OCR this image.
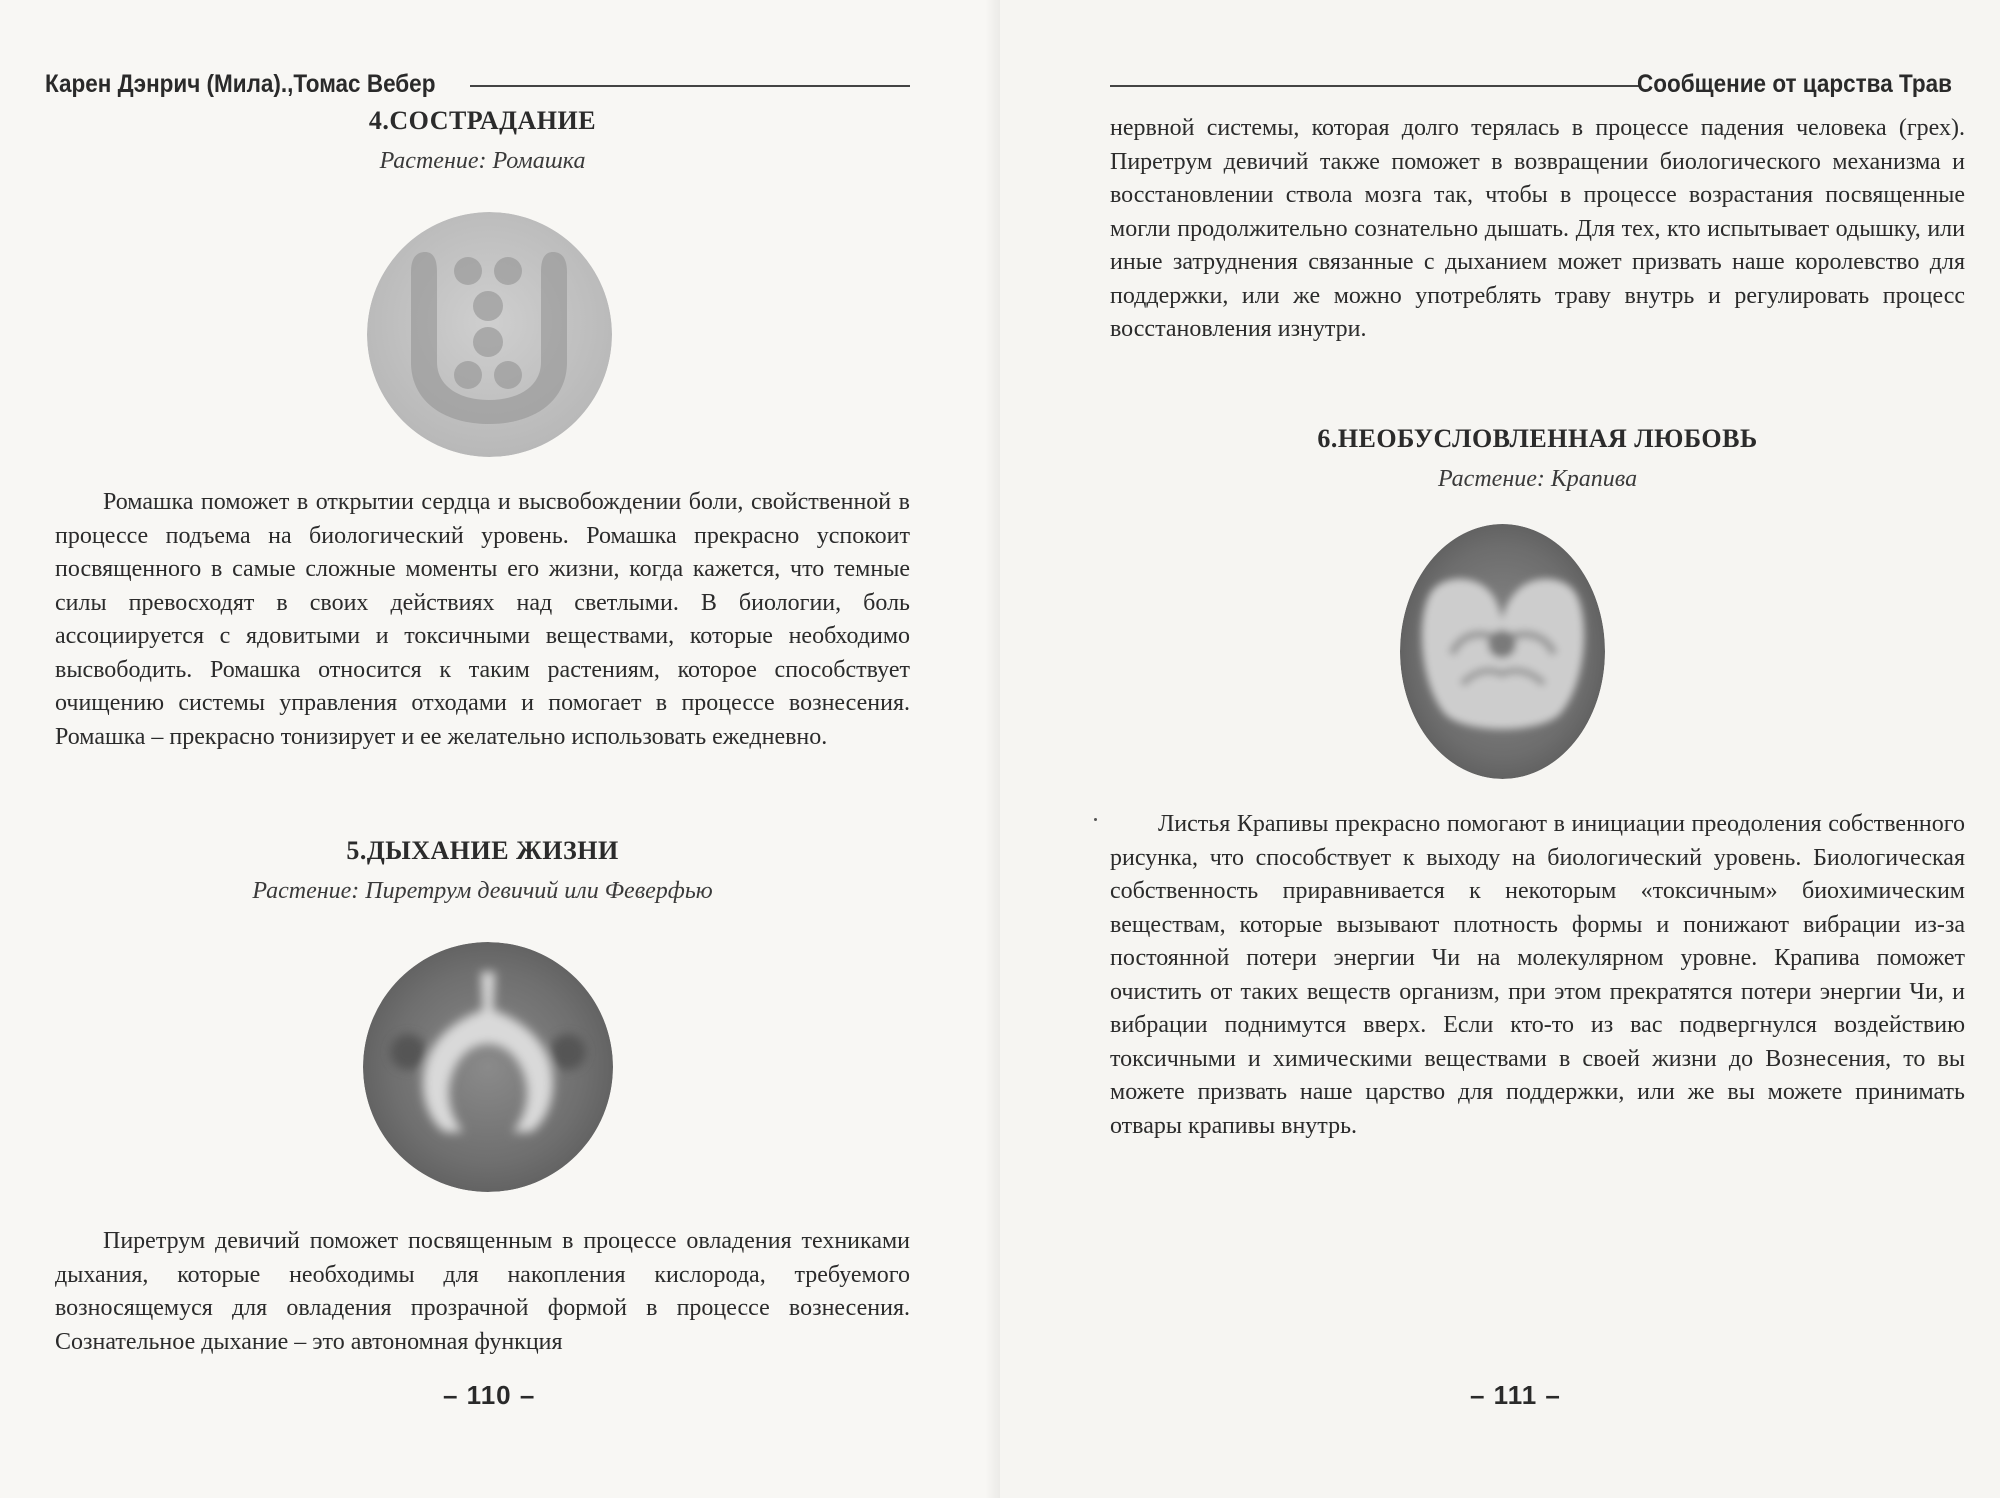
Карен Дэнрич (Мила).,Томас Вебер
4.СОСТРАДАНИЕ
Растение: Ромашка

Ромашка поможет в открытии сердца и высвобождении боли, свойственной в процессе подъема на биологический уровень. Ромашка прекрасно успокоит посвященного в самые сложные моменты его жизни, когда кажется, что темные силы превосходят в своих действиях над светлыми. В биологии, боль ассоциируется с ядовитыми и токсичными веществами, которые необходимо высвободить. Ромашка относится к таким растениям, которое способствует очищению системы управления отходами и помогает в процессе вознесения. Ромашка – прекрасно тонизирует и ее желательно использовать ежедневно.

5.ДЫХАНИЕ ЖИЗНИ
Растение: Пиретрум девичий или Феверфью

Пиретрум девичий поможет посвященным в процессе овладения техниками дыхания, которые необходимы для накопления кислорода, требуемого возносящемуся для овладения прозрачной формой в процессе вознесения. Сознательное дыхание – это автономная функция

– 110 –
Сообщение от царства Трав

нервной системы, которая долго терялась в процессе падения человека (грех). Пиретрум девичий также поможет в возвращении биологического механизма и восстановлении ствола мозга так, чтобы в процессе возрастания посвященные могли продолжительно сознательно дышать. Для тех, кто испытывает одышку, или иные затруднения связанные с дыханием может призвать наше королевство для поддержки, или же можно употреблять траву внутрь и регулировать процесс восстановления изнутри.

6.НЕОБУСЛОВЛЕННАЯ ЛЮБОВЬ
Растение: Крапива

Листья Крапивы прекрасно помогают в инициации преодоления собственного рисунка, что способствует к выходу на биологический уровень. Биологическая собственность приравнивается к некоторым «токсичным» биохимическим веществам, которые вызывают плотность формы и понижают вибрации из-за постоянной потери энергии Чи на молекулярном уровне. Крапива поможет очистить от таких веществ организм, при этом прекратятся потери энергии Чи, и вибрации поднимутся вверх. Если кто-то из вас подвергнулся воздействию токсичными и химическими веществами в своей жизни до Вознесения, то вы можете призвать наше царство для поддержки, или же вы можете принимать отвары крапивы внутрь.

– 111 –
